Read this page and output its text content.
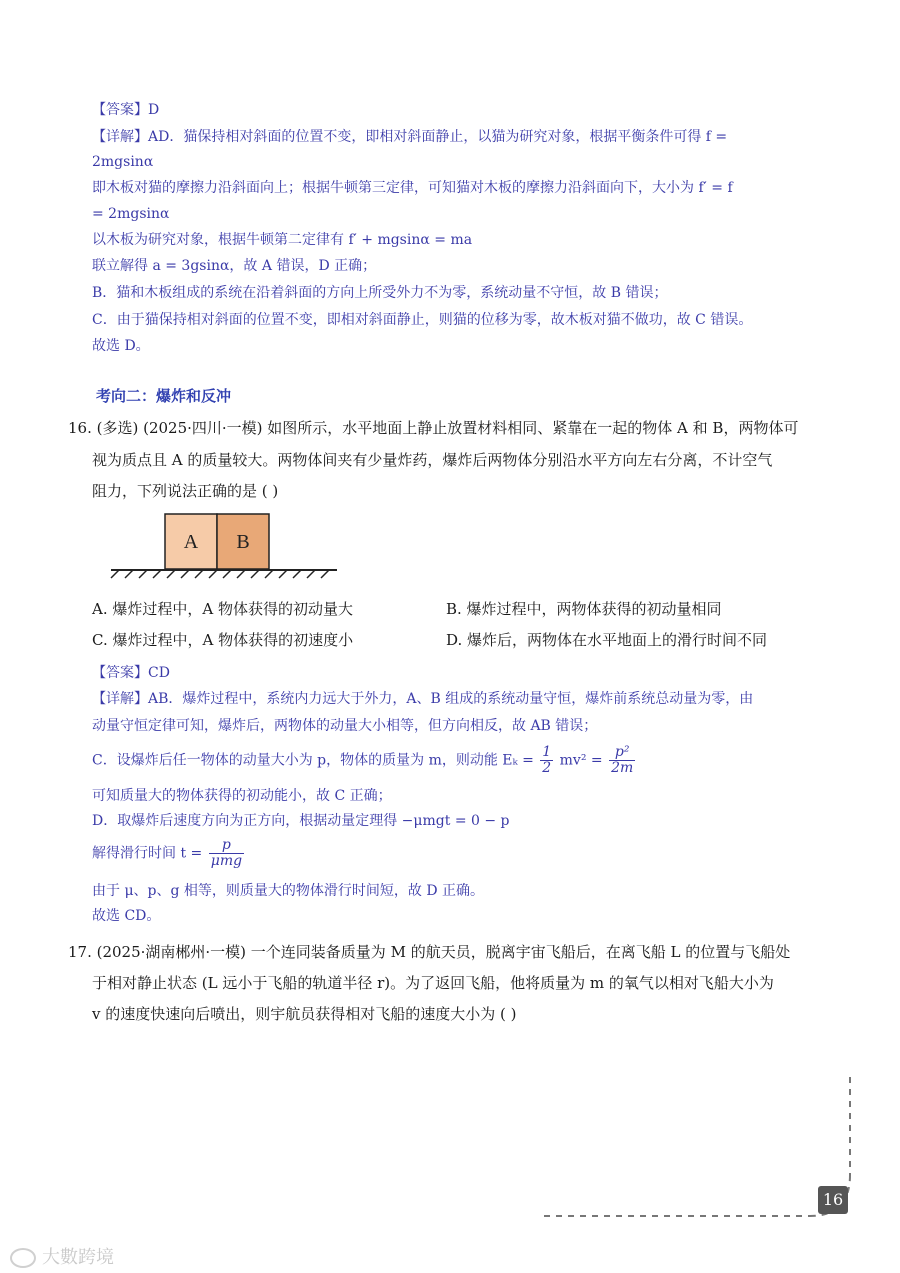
【答案】D
【详解】AD．猫保持相对斜面的位置不变，即相对斜面静止，以猫为研究对象，根据平衡条件可得 f =
2mgsinα
即木板对猫的摩擦力沿斜面向上；根据牛顿第三定律，可知猫对木板的摩擦力沿斜面向下，大小为 f′ = f
= 2mgsinα
以木板为研究对象，根据牛顿第二定律有 f′ + mgsinα = ma
联立解得 a = 3gsinα，故 A 错误，D 正确；
B．猫和木板组成的系统在沿着斜面的方向上所受外力不为零，系统动量不守恒，故 B 错误；
C．由于猫保持相对斜面的位置不变，即相对斜面静止，则猫的位移为零，故木板对猫不做功，故 C 错误。
故选 D。
考向二：爆炸和反冲
16. (多选) (2025·四川·一模) 如图所示，水平地面上静止放置材料相同、紧靠在一起的物体 A 和 B，两物体可
视为质点且 A 的质量较大。两物体间夹有少量炸药，爆炸后两物体分别沿水平方向左右分离，不计空气
阻力，下列说法正确的是 ( )
A B
A. 爆炸过程中，A 物体获得的初动量大	B. 爆炸过程中，两物体获得的初动量相同
C. 爆炸过程中，A 物体获得的初速度小	D. 爆炸后，两物体在水平地面上的滑行时间不同
【答案】CD
【详解】AB．爆炸过程中，系统内力远大于外力，A、B 组成的系统动量守恒，爆炸前系统总动量为零，由
动量守恒定律可知，爆炸后，两物体的动量大小相等，但方向相反，故 AB 错误；
C．设爆炸后任一物体的动量大小为 p，物体的质量为 m，则动能 $E_k = \frac{1}{2} mv^2 = \frac{\text{p²}}{2m}$
可知质量大的物体获得的初动能小，故 C 正确；
D．取爆炸后速度方向为正方向，根据动量定理得 −μmgt = 0 − p
解得滑行时间 $t = \frac{p}{\text{μmg}}$
由于 μ、p、g 相等，则质量大的物体滑行时间短，故 D 正确。
故选 CD。
17. (2025·湖南郴州·一模) 一个连同装备质量为 M 的航天员，脱离宇宙飞船后，在离飞船 L 的位置与飞船处
于相对静止状态 (L 远小于飞船的轨道半径 r)。为了返回飞船，他将质量为 m 的氧气以相对飞船大小为
v 的速度快速向后喷出，则宇航员获得相对飞船的速度大小为 ( )
16
大數跨境
